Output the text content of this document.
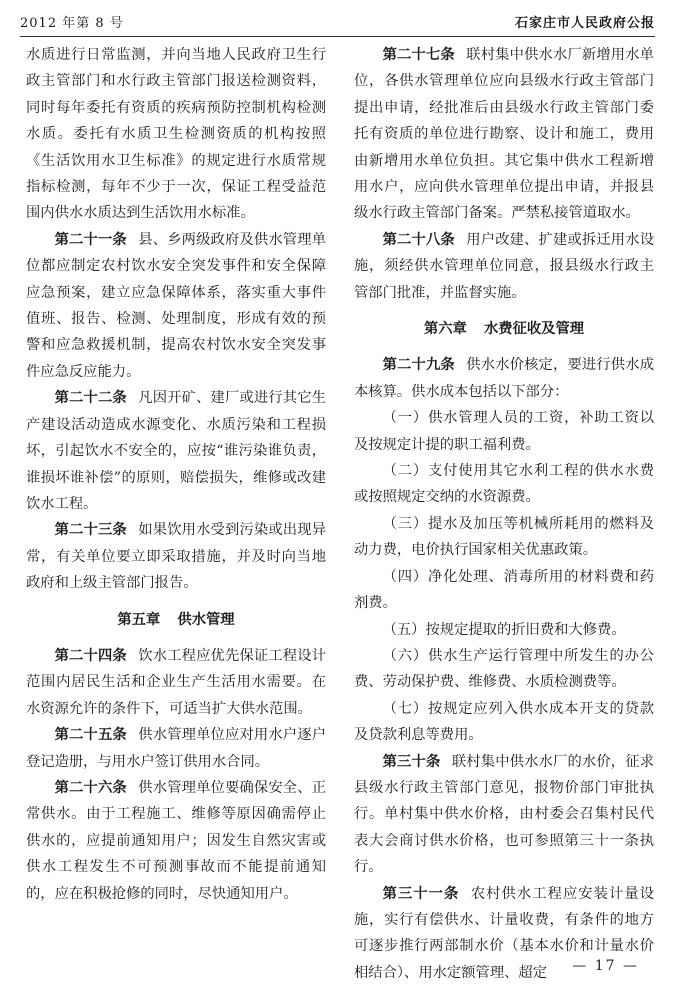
2012 年第 8 号	石家庄市人民政府公报

水质进行日常监测，并向当地人民政府卫生行政主管部门和水行政主管部门报送检测资料，同时每年委托有资质的疾病预防控制机构检测水质。委托有水质卫生检测资质的机构按照《生活饮用水卫生标准》的规定进行水质常规指标检测，每年不少于一次，保证工程受益范围内供水水质达到生活饮用水标准。

第二十一条 县、乡两级政府及供水管理单位都应制定农村饮水安全突发事件和安全保障应急预案，建立应急保障体系，落实重大事件值班、报告、检测、处理制度，形成有效的预警和应急救援机制，提高农村饮水安全突发事件应急反应能力。

第二十二条 凡因开矿、建厂或进行其它生产建设活动造成水源变化、水质污染和工程损坏，引起饮水不安全的，应按“谁污染谁负责，谁损坏谁补偿”的原则，赔偿损失，维修或改建饮水工程。

第二十三条 如果饮用水受到污染或出现异常，有关单位要立即采取措施，并及时向当地政府和上级主管部门报告。

第五章 供水管理

第二十四条 饮水工程应优先保证工程设计范围内居民生活和企业生产生活用水需要。在水资源允许的条件下，可适当扩大供水范围。

第二十五条 供水管理单位应对用水户逐户登记造册，与用水户签订供用水合同。

第二十六条 供水管理单位要确保安全、正常供水。由于工程施工、维修等原因确需停止供水的，应提前通知用户；因发生自然灾害或供水工程发生不可预测事故而不能提前通知的，应在积极抢修的同时，尽快通知用户。

第二十七条 联村集中供水水厂新增用水单位，各供水管理单位应向县级水行政主管部门提出申请，经批准后由县级水行政主管部门委托有资质的单位进行勘察、设计和施工，费用由新增用水单位负担。其它集中供水工程新增用水户，应向供水管理单位提出申请，并报县级水行政主管部门备案。严禁私接管道取水。

第二十八条 用户改建、扩建或拆迁用水设施，须经供水管理单位同意，报县级水行政主管部门批准，并监督实施。

第六章 水费征收及管理

第二十九条 供水水价核定，要进行供水成本核算。供水成本包括以下部分：

（一）供水管理人员的工资，补助工资以及按规定计提的职工福利费。

（二）支付使用其它水利工程的供水水费或按照规定交纳的水资源费。

（三）提水及加压等机械所耗用的燃料及动力费，电价执行国家相关优惠政策。

（四）净化处理、消毒所用的材料费和药剂费。

（五）按规定提取的折旧费和大修费。

（六）供水生产运行管理中所发生的办公费、劳动保护费、维修费、水质检测费等。

（七）按规定应列入供水成本开支的贷款及贷款利息等费用。

第三十条 联村集中供水水厂的水价，征求县级水行政主管部门意见，报物价部门审批执行。单村集中供水价格，由村委会召集村民代表大会商讨供水价格，也可参照第三十一条执行。

第三十一条 农村供水工程应安装计量设施，实行有偿供水、计量收费，有条件的地方可逐步推行两部制水价（基本水价和计量水价相结合）、用水定额管理、超定	— 17 —
